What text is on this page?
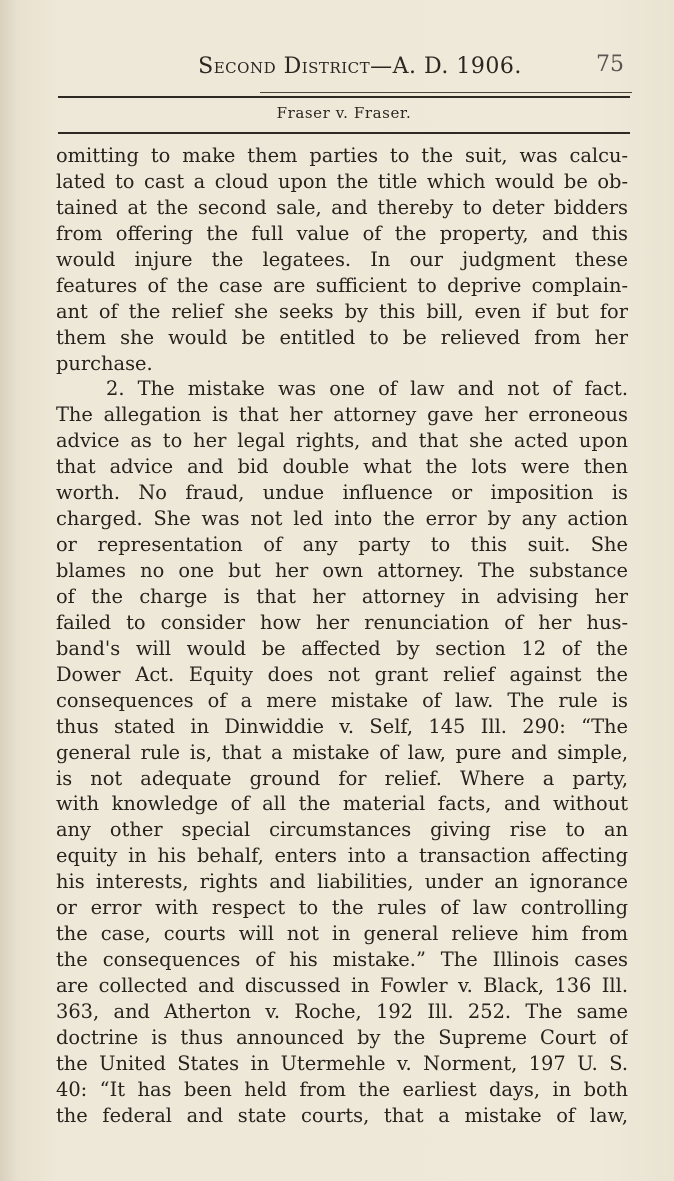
Second District—A. D. 1906.	75
Fraser v. Fraser.
omitting to make them parties to the suit, was calcu-
lated to cast a cloud upon the title which would be ob-
tained at the second sale, and thereby to deter bidders
from offering the full value of the property, and this
would injure the legatees. In our judgment these
features of the case are sufficient to deprive complain-
ant of the relief she seeks by this bill, even if but for
them she would be entitled to be relieved from her
purchase.
2. The mistake was one of law and not of fact.
The allegation is that her attorney gave her erroneous
advice as to her legal rights, and that she acted upon
that advice and bid double what the lots were then
worth. No fraud, undue influence or imposition is
charged. She was not led into the error by any action
or representation of any party to this suit. She
blames no one but her own attorney. The substance
of the charge is that her attorney in advising her
failed to consider how her renunciation of her hus-
band's will would be affected by section 12 of the
Dower Act. Equity does not grant relief against the
consequences of a mere mistake of law. The rule is
thus stated in Dinwiddie v. Self, 145 Ill. 290: “The
general rule is, that a mistake of law, pure and simple,
is not adequate ground for relief. Where a party,
with knowledge of all the material facts, and without
any other special circumstances giving rise to an
equity in his behalf, enters into a transaction affecting
his interests, rights and liabilities, under an ignorance
or error with respect to the rules of law controlling
the case, courts will not in general relieve him from
the consequences of his mistake.” The Illinois cases
are collected and discussed in Fowler v. Black, 136 Ill.
363, and Atherton v. Roche, 192 Ill. 252. The same
doctrine is thus announced by the Supreme Court of
the United States in Utermehle v. Norment, 197 U. S.
40: “It has been held from the earliest days, in both
the federal and state courts, that a mistake of law,
